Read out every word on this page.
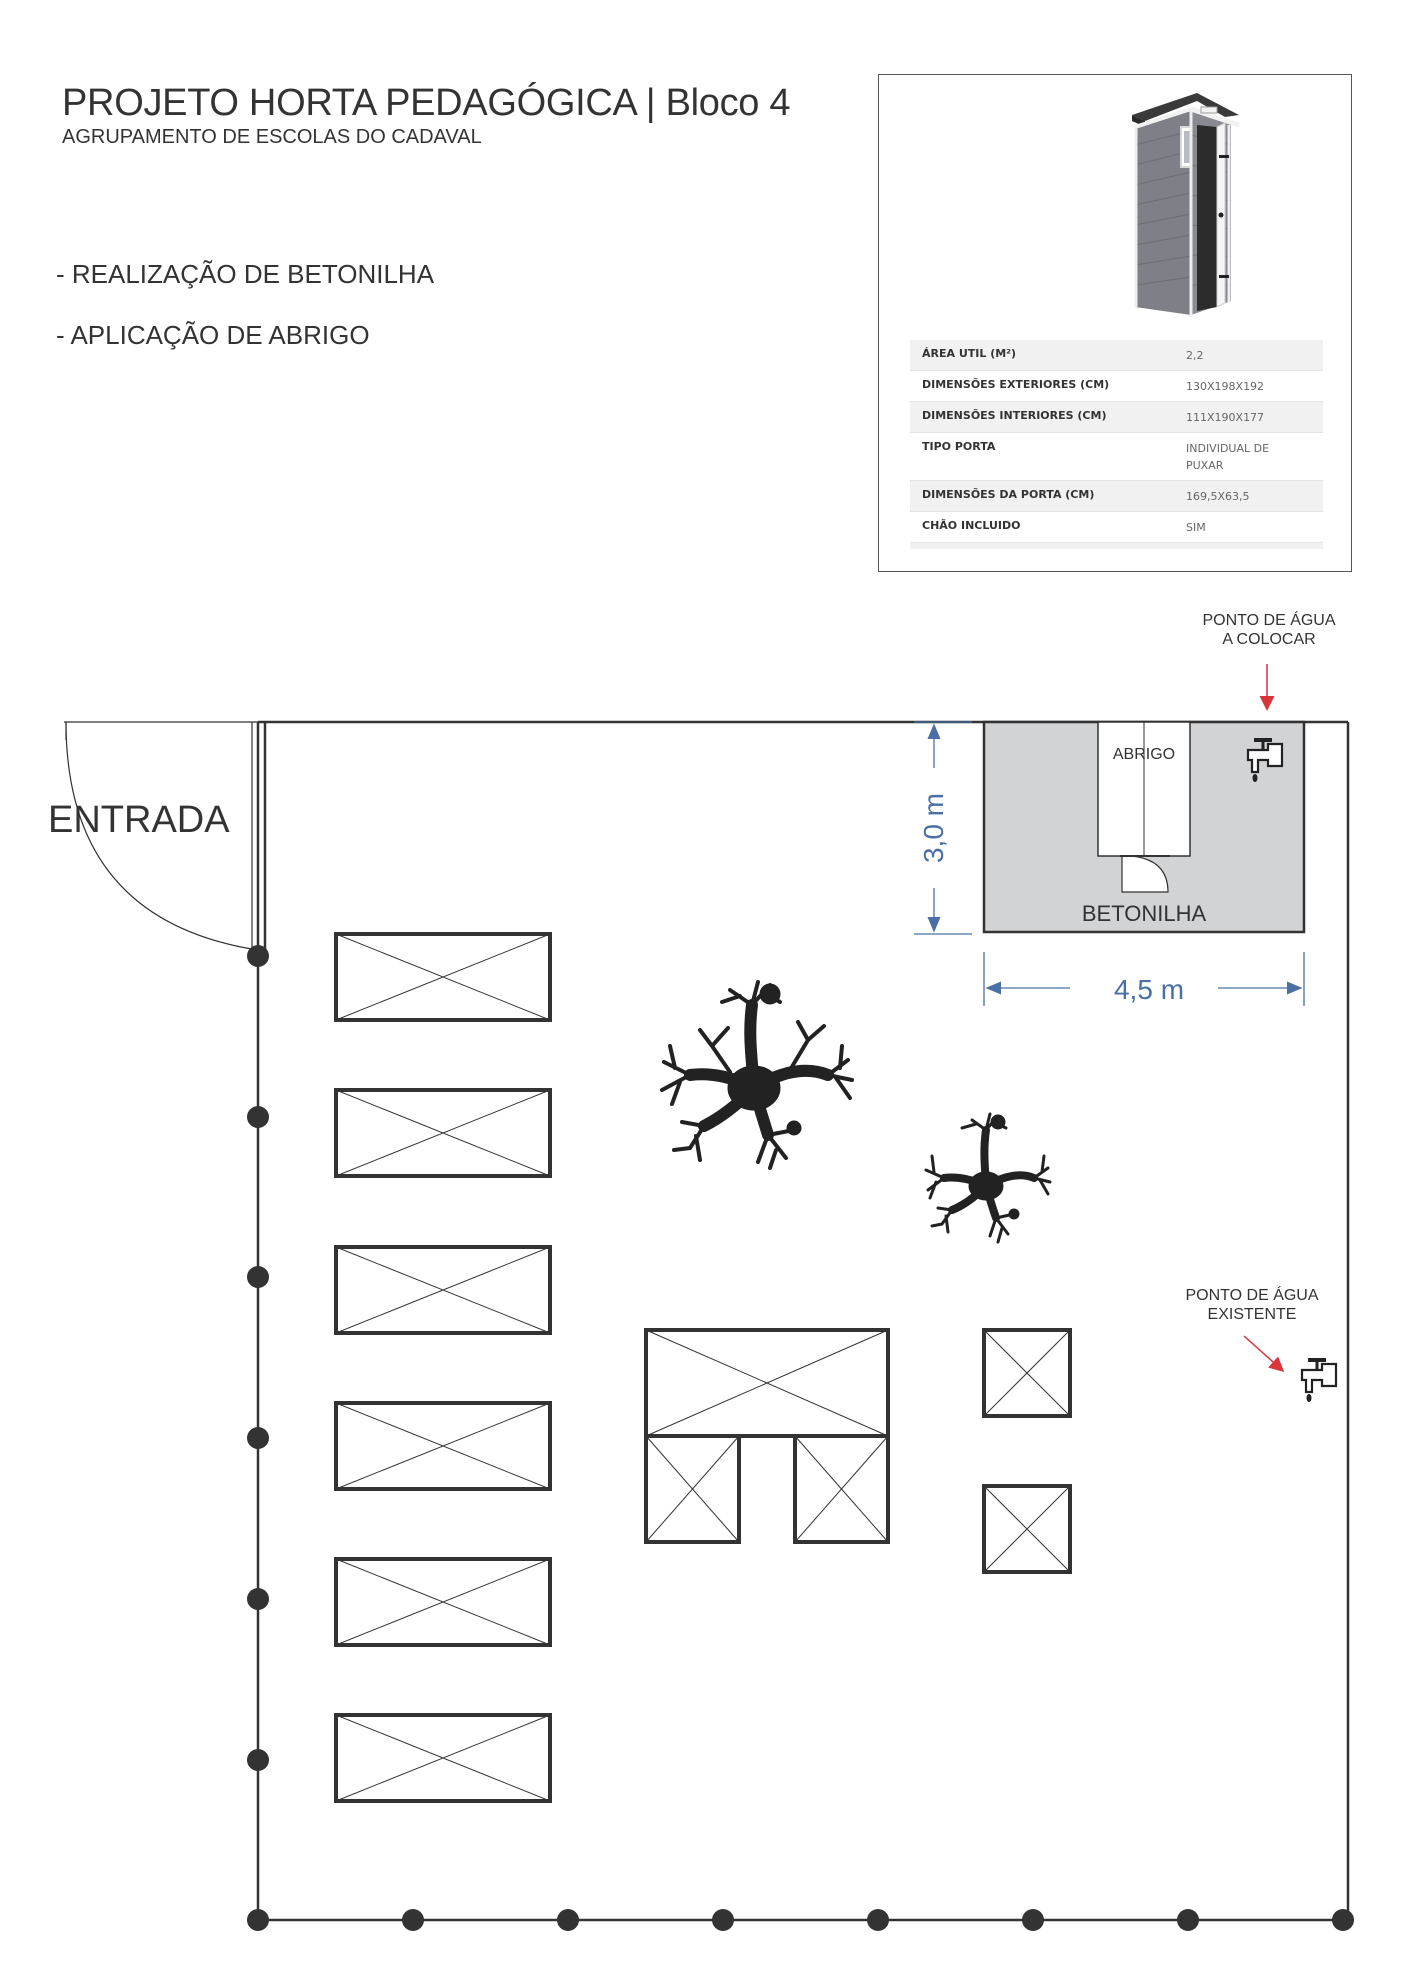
PROJETO HORTA PEDAGÓGICA | Bloco 4
AGRUPAMENTO DE ESCOLAS DO CADAVAL
- REALIZAÇÃO DE BETONILHA
- APLICAÇÃO DE ABRIGO
ÁREA UTIL (M²)	2,2
DIMENSÕES EXTERIORES (CM)	130X198X192
DIMENSÕES INTERIORES (CM)	111X190X177
TIPO PORTA	INDIVIDUAL DE PUXAR
DIMENSÕES DA PORTA (CM)	169,5X63,5
CHÃO INCLUIDO	SIM
ENTRADA
ABRIGO
BETONILHA
3,0 m
4,5 m
PONTO DE ÁGUA
A COLOCAR
PONTO DE ÁGUA
EXISTENTE
